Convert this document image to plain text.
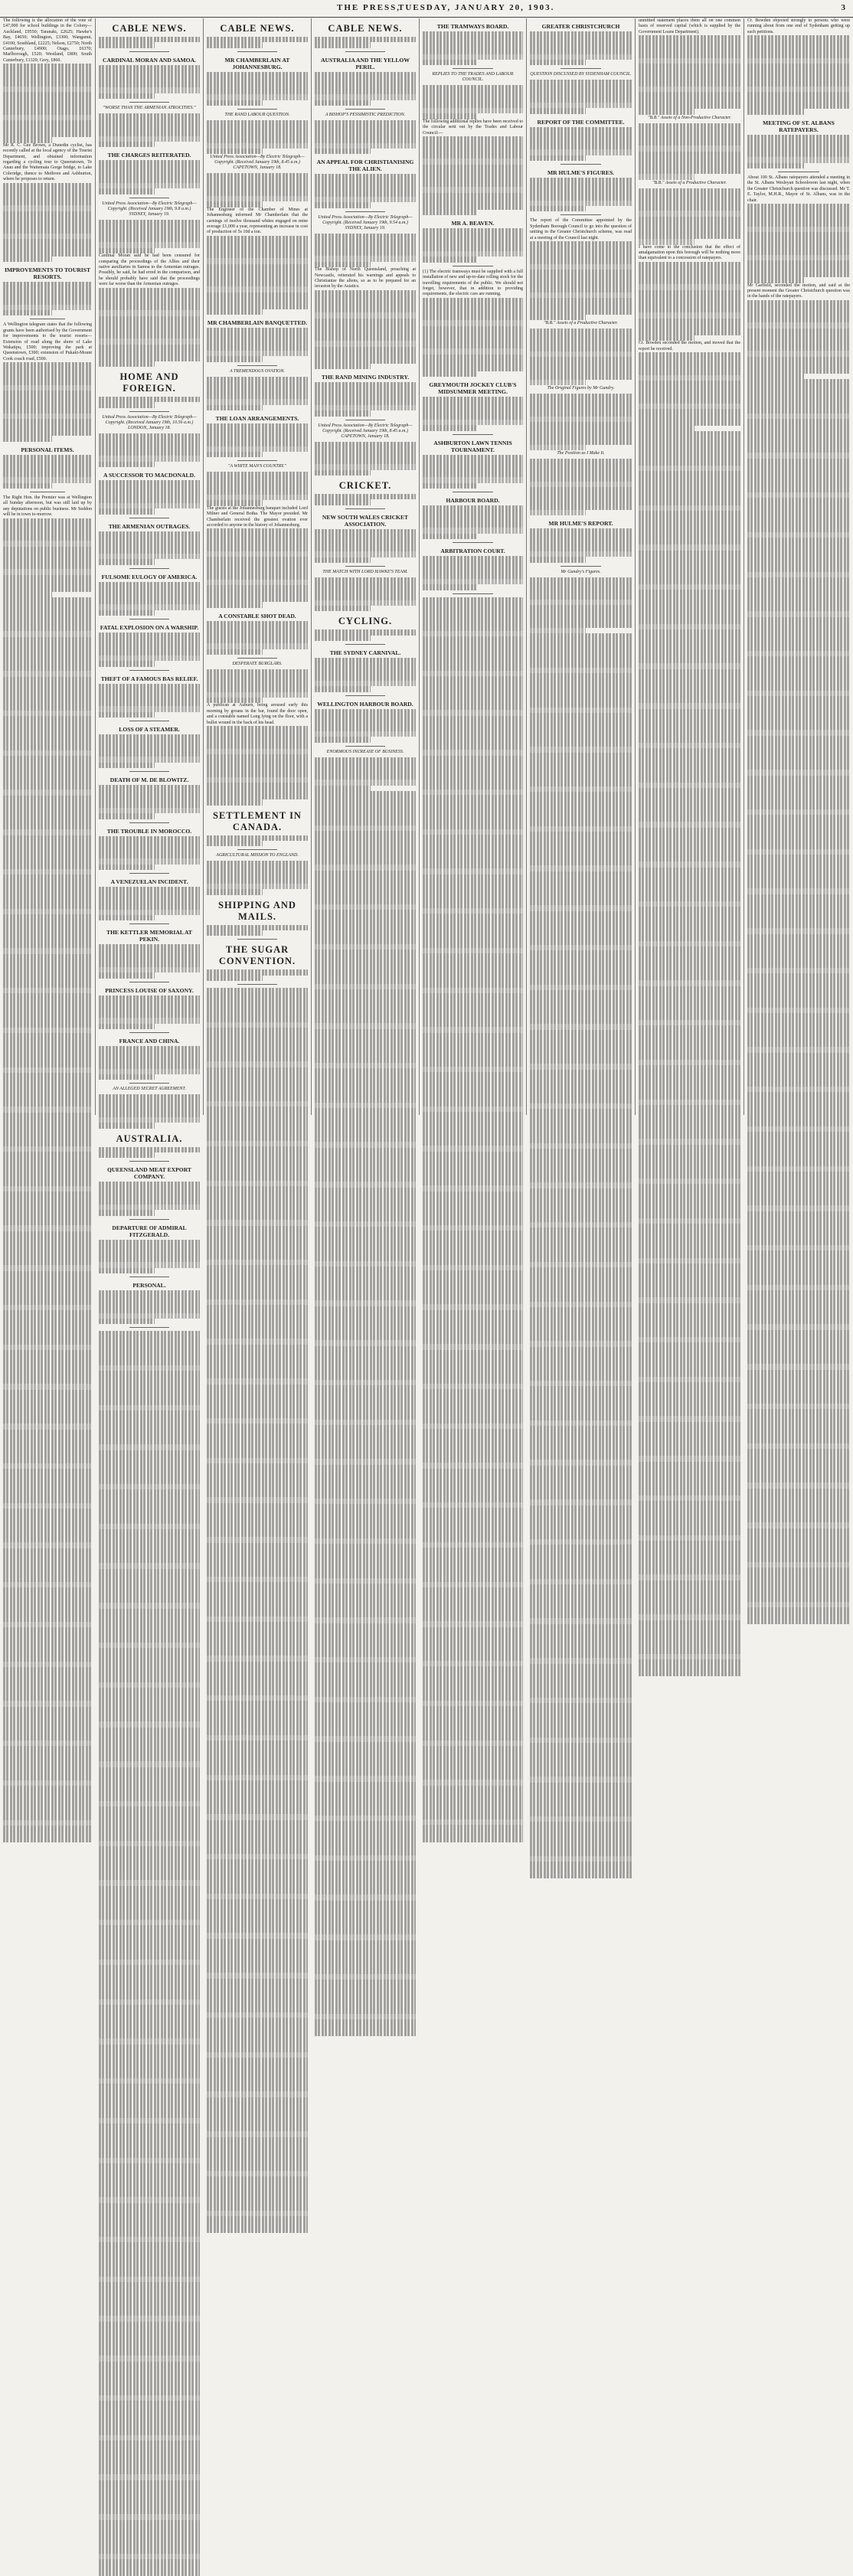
THE PRESS,
TUESDAY, JANUARY 20, 1903.	3

The following is the allocation of the vote of £47,000 for school buildings in the Colony—Auckland, £9550; Taranaki, £2625; Hawke's Bay, £4650; Wellington, £3300; Wanganui, £4100; Southland, £2225; Nelson, £2750; North Canterbury, £4900; Otago, £6370; Marlborough, £520; Westland, £800; South Canterbury, £1320; Grey, £860.

Mr R. C. Gee Brown, a Dunedin cyclist, has recently called at the local agency of the Tourist Department, and obtained information regarding a cycling tour to Queenstown, Te Anau and the Waitemata Gorge bridge, to Lake Coleridge, thence to Methven and Ashburton, where he proposes to return.

IMPROVEMENTS TO TOURIST RESORTS.

A Wellington telegram states that the following grants have been authorised by the Government for improvements to the tourist resorts—Extension of road along the shore of Lake Wakatipu, £500; improving the park at Queenstown, £300; extension of Pukaki-Mount Cook coach road, £500.

PERSONAL ITEMS.

The Right Hon. the Premier was at Wellington all Sunday afternoon, but was still laid up by any deputations on public business. Mr Seddon will be in town to-morrow.

CABLE NEWS.
CARDINAL MORAN AND SAMOA.
"WORSE THAN THE ARMENIAN ATROCITIES."
THE CHARGES REITERATED.
United Press Association—By Electric Telegraph—Copyright. (Received January 19th, 9.8 a.m.) SYDNEY, January 19.

Cardinal Moran said he had been censured for comparing the proceedings of the Allies and their native auxiliaries in Samoa to the Armenian outrages. Possibly, he said, he had erred in the comparison, and he should probably have said that the proceedings were far worse than the Armenian outrages.

HOME AND FOREIGN.
United Press Association—By Electric Telegraph—Copyright. (Received January 19th, 10.56 a.m.) LONDON, January 18.
A SUCCESSOR TO MACDONALD.
THE ARMENIAN OUTRAGES.
FULSOME EULOGY OF AMERICA.
FATAL EXPLOSION ON A WARSHIP.
THEFT OF A FAMOUS BAS RELIEF.
LOSS OF A STEAMER.
DEATH OF M. DE BLOWITZ.
THE TROUBLE IN MOROCCO.
A VENEZUELAN INCIDENT.
THE KETTLER MEMORIAL AT PEKIN.
PRINCESS LOUISE OF SAXONY.
FRANCE AND CHINA.
AN ALLEGED SECRET AGREEMENT.
AUSTRALIA.
QUEENSLAND MEAT EXPORT COMPANY.
DEPARTURE OF ADMIRAL FITZGERALD.
PERSONAL.
CABLE NEWS.
MR CHAMBERLAIN AT JOHANNESBURG.
THE RAND LABOUR QUESTION.
United Press Association—By Electric Telegraph—Copyright. (Received January 19th, 8.45 a.m.) CAPETOWN, January 18.

The Engineer of the Chamber of Mines at Johannesburg informed Mr Chamberlain that the carnings of twelve thousand whites engaged on mine average £1,000 a year, representing an increase in cost of production of 5s 10d a ton.

MR CHAMBERLAIN BANQUETTED.
A TREMENDOUS OVATION.
THE LOAN ARRANGEMENTS.
"A WHITE MAN'S COUNTRY."

The guests at the Johannesburg banquet included Lord Milner and General Botha. The Mayor presided. Mr Chamberlain received the greatest ovation ever accorded to anyone in the history of Johannesburg.

A CONSTABLE SHOT DEAD.
DESPERATE BURGLARS.

A publican at Auburn, being aroused early this morning by groans in the bar, found the door open, and a constable named Long lying on the floor, with a bullet wound in the back of his head.

SETTLEMENT IN CANADA.
AGRICULTURAL MISSION TO ENGLAND.
SHIPPING AND MAILS.
THE SUGAR CONVENTION.
CABLE NEWS.
AUSTRALIA AND THE YELLOW PERIL.
A BISHOP'S PESSIMISTIC PREDICTION.
AN APPEAL FOR CHRISTIANISING THE ALIEN.
United Press Association—By Electric Telegraph—Copyright. (Received January 19th, 9.54 a.m.) SYDNEY, January 19.

The Bishop of North Queensland, preaching at Newcastle, reiterated his warnings and appeals to Christianise the aliens, so as to be prepared for an invasion by the Asiatics.

THE RAND MINING INDUSTRY.
United Press Association—By Electric Telegraph—Copyright. (Received January 19th, 8.45 a.m.) CAPETOWN, January 18.
CRICKET.
NEW SOUTH WALES CRICKET ASSOCIATION.
THE MATCH WITH LORD HAWKE'S TEAM.
CYCLING.
THE SYDNEY CARNIVAL.
WELLINGTON HARBOUR BOARD.
ENORMOUS INCREASE OF BUSINESS.
THE TRAMWAYS BOARD.
REPLIES TO THE TRADES AND LABOUR COUNCIL.

The following additional replies have been received to the circular sent out by the Trades and Labour Council:—

MR A. BEAVEN.

(1) The electric tramways must be supplied with a full installation of new and up-to-date rolling stock for the travelling requirements of the public. We should not forget, however, that in addition to providing requirements, the electric cars are running.

GREYMOUTH JOCKEY CLUB'S MIDSUMMER MEETING.
ASHBURTON LAWN TENNIS TOURNAMENT.
HARBOUR BOARD.
ARBITRATION COURT.
GREATER CHRISTCHURCH
QUESTION DISCUSSED BY SYDENHAM COUNCIL.
REPORT OF THE COMMITTEE.
MR HULME'S FIGURES.

The report of the Committee appointed by the Sydenham Borough Council to go into the question of uniting in the Greater Christchurch scheme, was read at a meeting of the Council last night.

"B.B." Assets of a Productive Character.
The Original Figures by Mr Gundry.
The Position as I Make It.
MR HULME'S REPORT.
Mr Gundry's Figures.

unmitted statement places them all on one common basis of reserved capital (which is supplied by the Government Loans Department).

"B.B." Assets of a Non-Productive Character.
"B.B." Assets of a Productive Character.

I have come to the conclusion that the effect of amalgamation upon this borough will be nothing more than equivalent to a concession of ratepayers.

Cr. Bowden seconded the motion, and moved that the report be received.

Cr. Bowden objected strongly to persons who were running about from one end of Sydenham getting up such petitions.

MEETING OF ST. ALBANS RATEPAYERS.

About 100 St. Albans ratepayers attended a meeting in the St. Albans Wesleyan Schoolroom last night, when the Greater Christchurch question was discussed. Mr T. E. Taylor, M.H.R., Mayor of St. Albans, was in the chair.

Mr Garfield, seconded the motion, and said at the present moment the Greater Christchurch question was in the hands of the ratepayers.
